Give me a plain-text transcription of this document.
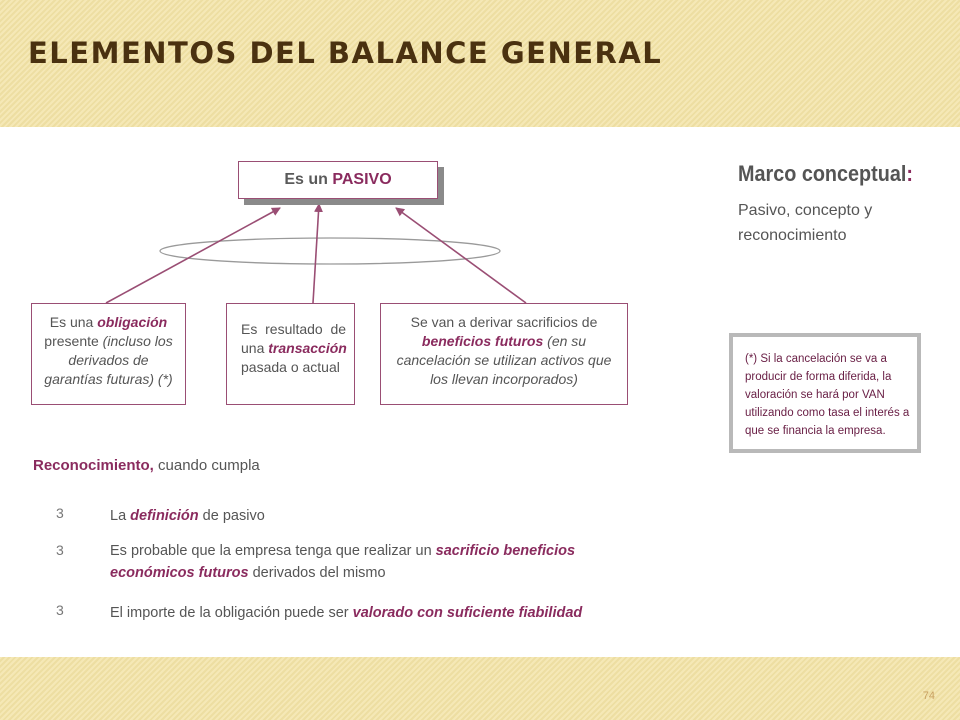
ELEMENTOS DEL BALANCE GENERAL
Es un PASIVO
Es una obligación
presente (incluso los
derivados de
garantías futuras) (*)
Es  resultado  de
una transacción
pasada o actual
Se van a derivar sacrificios de
beneficios futuros (en su
cancelación se utilizan activos que
los llevan incorporados)
Marco conceptual:
Pasivo, concepto y
reconocimiento
(*) Si la cancelación se va a
producir de forma diferida, la
valoración se hará por VAN
utilizando como tasa el interés a
que se financia la empresa.
Reconocimiento, cuando cumpla
3	La definición de pasivo
3	Es probable que la empresa tenga que realizar un sacrificio beneficios económicos futuros derivados del mismo
3	El importe de la obligación puede ser valorado con suficiente fiabilidad
74
